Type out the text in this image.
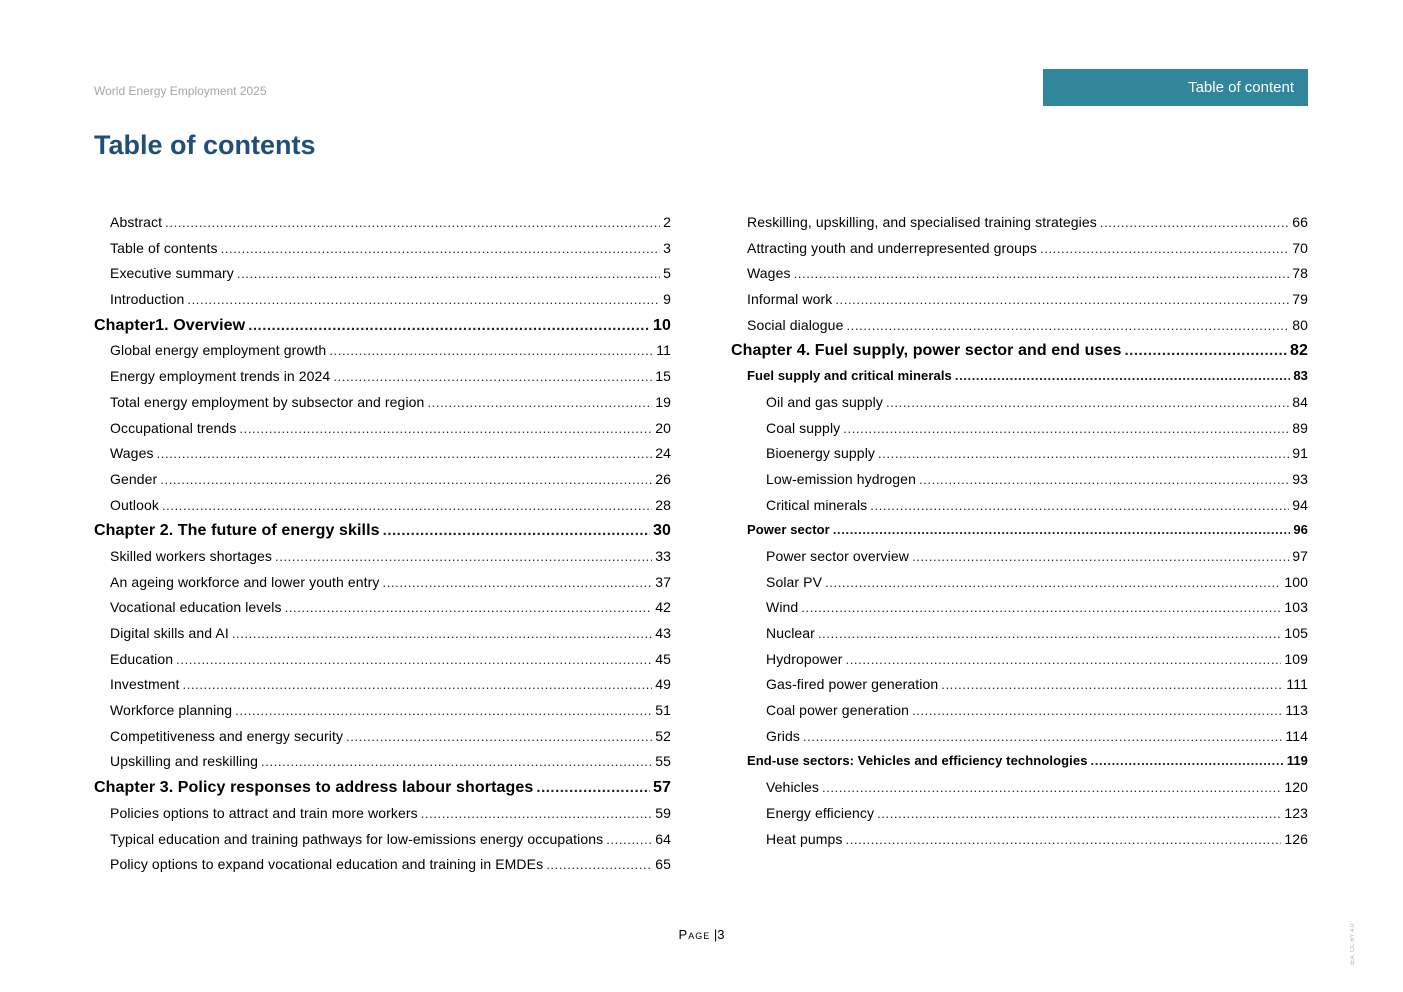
World Energy Employment 2025	Table of content
Table of contents
Abstract .....	2
Table of contents .....	3
Executive summary .....	5
Introduction .....	9
Chapter1. Overview .....	10
Global energy employment growth .....	11
Energy employment trends in 2024 .....	15
Total energy employment by subsector and region .....	19
Occupational trends .....	20
Wages .....	24
Gender .....	26
Outlook .....	28
Chapter 2. The future of energy skills .....	30
Skilled workers shortages .....	33
An ageing workforce and lower youth entry .....	37
Vocational education levels .....	42
Digital skills and AI .....	43
Education .....	45
Investment .....	49
Workforce planning .....	51
Competitiveness and energy security .....	52
Upskilling and reskilling .....	55
Chapter 3. Policy responses to address labour shortages .....	57
Policies options to attract and train more workers .....	59
Typical education and training pathways for low-emissions energy occupations .....	64
Policy options to expand vocational education and training in EMDEs .....	65
Reskilling, upskilling, and specialised training strategies .....	66
Attracting youth and underrepresented groups .....	70
Wages .....	78
Informal work .....	79
Social dialogue .....	80
Chapter 4. Fuel supply, power sector and end uses .....	82
Fuel supply and critical minerals .....	83
Oil and gas supply .....	84
Coal supply .....	89
Bioenergy supply .....	91
Low-emission hydrogen .....	93
Critical minerals .....	94
Power sector .....	96
Power sector overview .....	97
Solar PV .....	100
Wind .....	103
Nuclear .....	105
Hydropower .....	109
Gas-fired power generation .....	111
Coal power generation .....	113
Grids .....	114
End-use sectors: Vehicles and efficiency technologies .....	119
Vehicles .....	120
Energy efficiency .....	123
Heat pumps .....	126
Page |3	IEA. CC BY 4.0.
